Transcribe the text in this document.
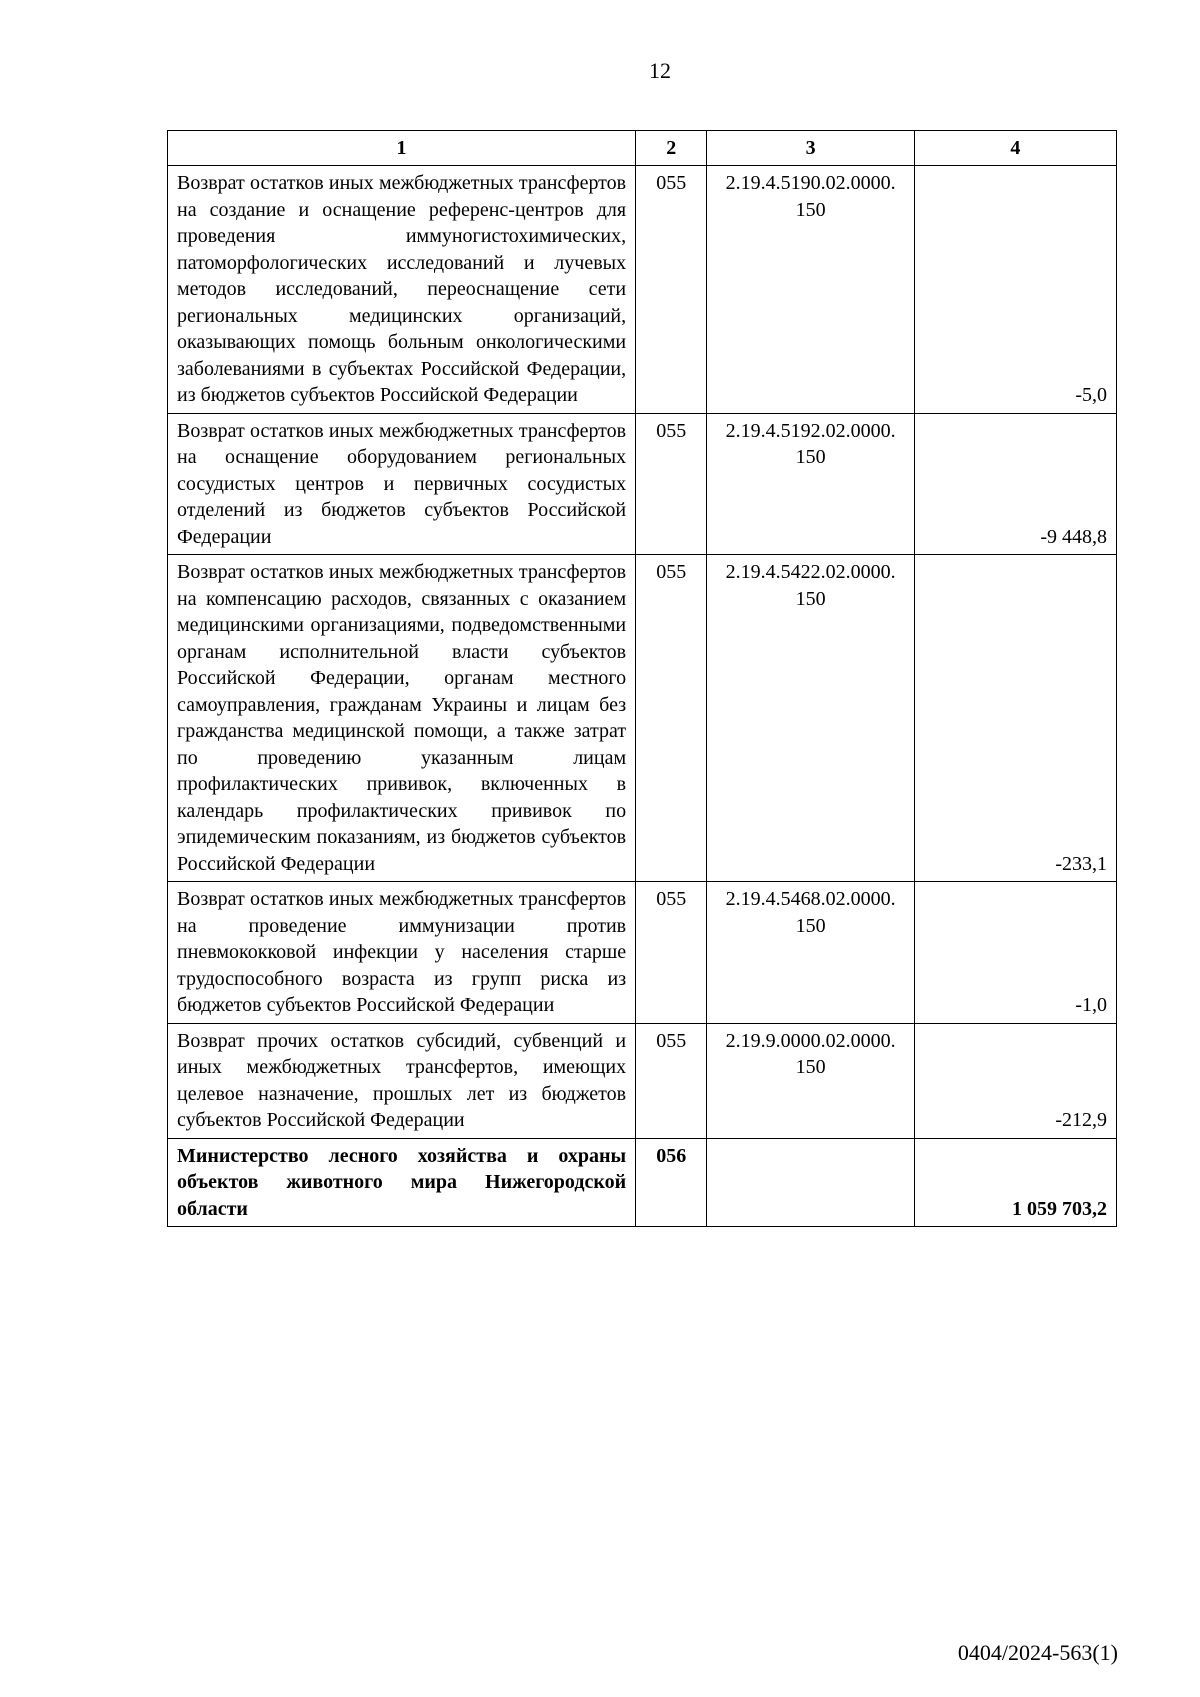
12
1	2	3	4
Возврат остатков иных межбюджетных трансфертов на создание и оснащение референс-центров для проведения иммуногистохимических, патоморфологических исследований и лучевых методов исследований, переоснащение сети региональных медицинских организаций, оказывающих помощь больным онкологическими заболеваниями в субъектах Российской Федерации, из бюджетов субъектов Российской Федерации	055	2.19.4.5190.02.0000. 150	-5,0
Возврат остатков иных межбюджетных трансфертов на оснащение оборудованием региональных сосудистых центров и первичных сосудистых отделений из бюджетов субъектов Российской Федерации	055	2.19.4.5192.02.0000. 150	-9 448,8
Возврат остатков иных межбюджетных трансфертов на компенсацию расходов, связанных с оказанием медицинскими организациями, подведомственными органам исполнительной власти субъектов Российской Федерации, органам местного самоуправления, гражданам Украины и лицам без гражданства медицинской помощи, а также затрат по проведению указанным лицам профилактических прививок, включенных в календарь профилактических прививок по эпидемическим показаниям, из бюджетов субъектов Российской Федерации	055	2.19.4.5422.02.0000. 150	-233,1
Возврат остатков иных межбюджетных трансфертов на проведение иммунизации против пневмококковой инфекции у населения старше трудоспособного возраста из групп риска из бюджетов субъектов Российской Федерации	055	2.19.4.5468.02.0000. 150	-1,0
Возврат прочих остатков субсидий, субвенций и иных межбюджетных трансфертов, имеющих целевое назначение, прошлых лет из бюджетов субъектов Российской Федерации	055	2.19.9.0000.02.0000. 150	-212,9
Министерство лесного хозяйства и охраны объектов животного мира Нижегородской области	056		1 059 703,2
0404/2024-563(1)
